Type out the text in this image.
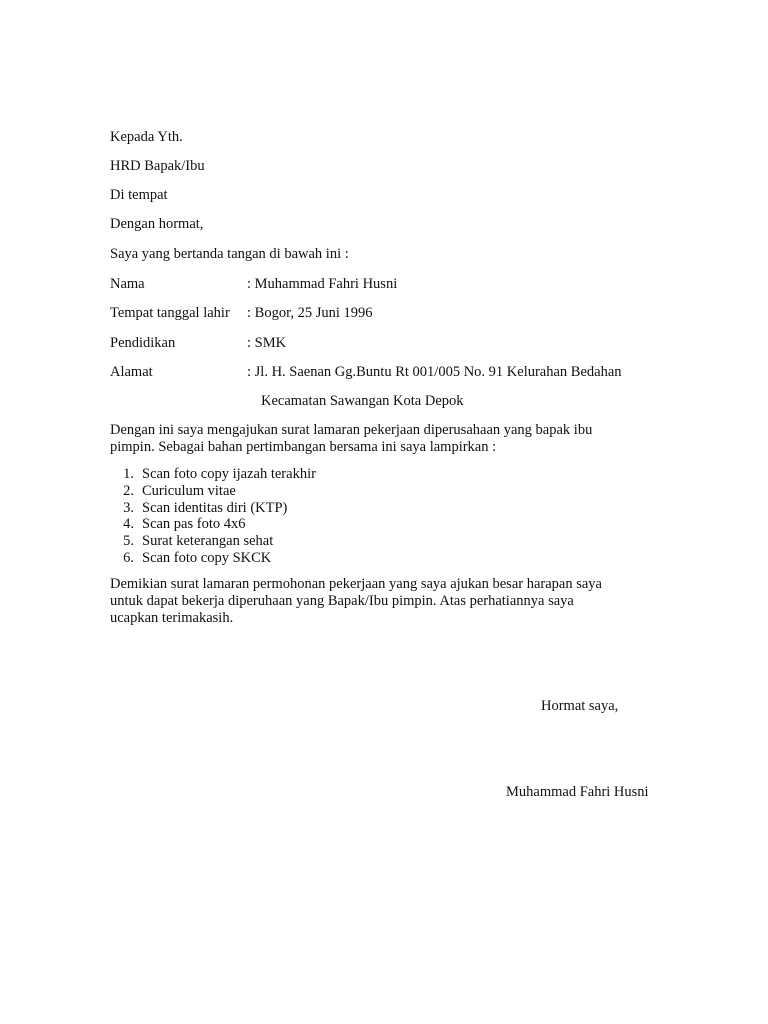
Kepada Yth.
HRD Bapak/Ibu
Di tempat
Dengan hormat,
Saya yang bertanda tangan di bawah ini :
Nama	: Muhammad Fahri Husni
Tempat tanggal lahir : Bogor, 25 Juni 1996
Pendidikan	: SMK
Alamat	: Jl. H. Saenan Gg.Buntu Rt 001/005 No. 91 Kelurahan Bedahan
Kecamatan Sawangan Kota Depok
Dengan ini saya mengajukan surat lamaran pekerjaan diperusahaan yang bapak ibu
pimpin. Sebagai bahan pertimbangan bersama ini saya lampirkan :
1. Scan foto copy ijazah terakhir
2. Curiculum vitae
3. Scan identitas diri (KTP)
4. Scan pas foto 4x6
5. Surat keterangan sehat
6. Scan foto copy SKCK
Demikian surat lamaran permohonan pekerjaan yang saya ajukan besar harapan saya
untuk dapat bekerja diperuhaan yang Bapak/Ibu pimpin. Atas perhatiannya saya
ucapkan terimakasih.
Hormat saya,
Muhammad Fahri Husni
